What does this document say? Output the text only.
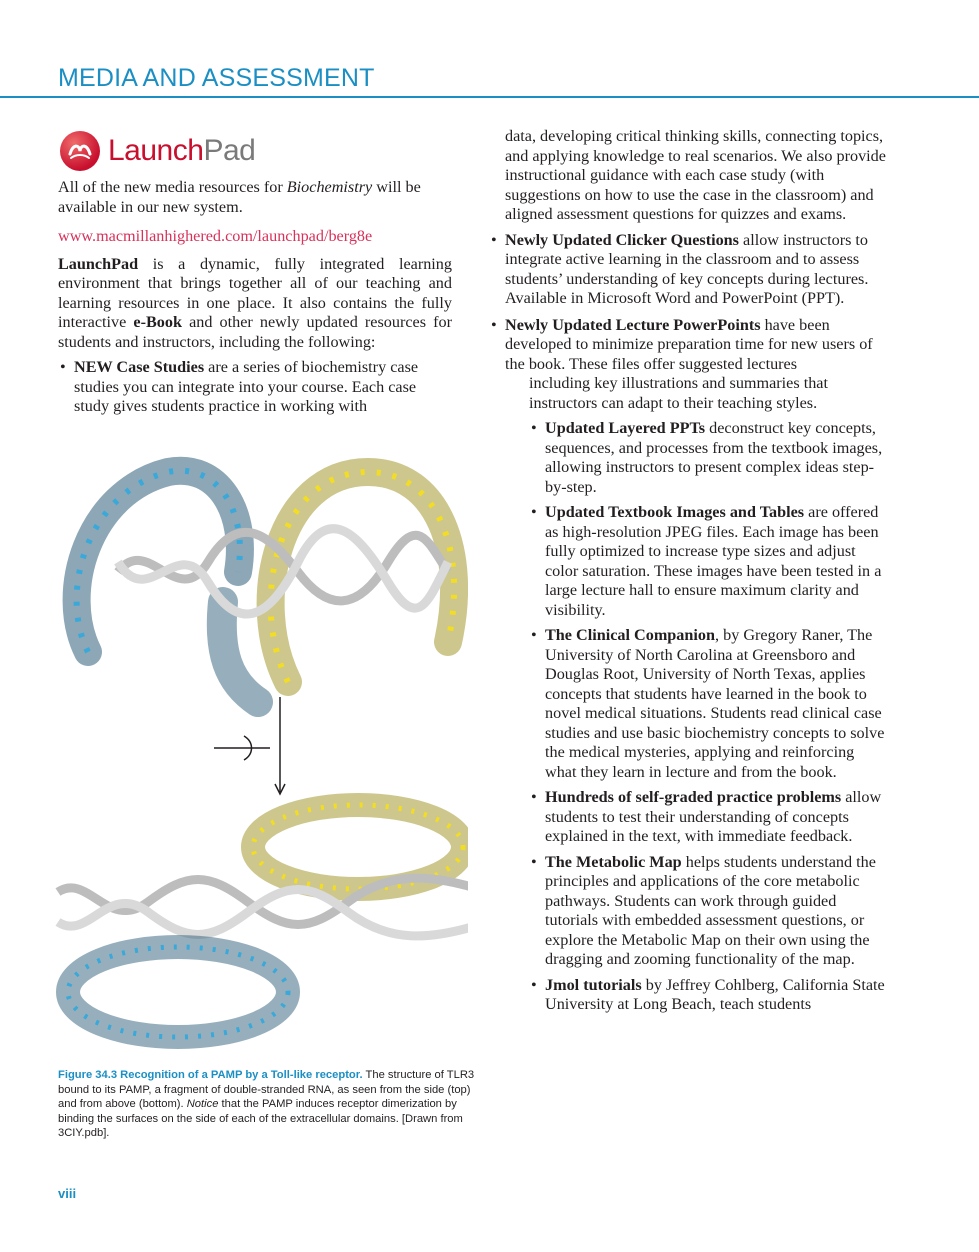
MEDIA AND ASSESSMENT
LaunchPad

All of the new media resources for Biochemistry will be available in our new system.

www.macmillanhighered.com/launchpad/berg8e

LaunchPad is a dynamic, fully integrated learning environment that brings together all of our teaching and learning resources in one place. It also contains the fully interactive e-Book and other newly updated resources for students and instructors, including the following:

• NEW Case Studies are a series of biochemistry case studies you can integrate into your course. Each case study gives students practice in working with
Figure 34.3 Recognition of a PAMP by a Toll-like receptor. The structure of TLR3 bound to its PAMP, a fragment of double-stranded RNA, as seen from the side (top) and from above (bottom). Notice that the PAMP induces receptor dimerization by binding the surfaces on the side of each of the extracellular domains. [Drawn from 3CIY.pdb].

data, developing critical thinking skills, connecting topics, and applying knowledge to real scenarios. We also provide instructional guidance with each case study (with suggestions on how to use the case in the classroom) and aligned assessment questions for quizzes and exams.

• Newly Updated Clicker Questions allow instructors to integrate active learning in the classroom and to assess students’ understanding of key concepts during lectures. Available in Microsoft Word and PowerPoint (PPT).
• Newly Updated Lecture PowerPoints have been developed to minimize preparation time for new users of the book. These files offer suggested lectures

including key illustrations and summaries that instructors can adapt to their teaching styles.

• Updated Layered PPTs deconstruct key concepts, sequences, and processes from the textbook images, allowing instructors to present complex ideas step-by-step.
• Updated Textbook Images and Tables are offered as high-resolution JPEG files. Each image has been fully optimized to increase type sizes and adjust color saturation. These images have been tested in a large lecture hall to ensure maximum clarity and visibility.
• The Clinical Companion, by Gregory Raner, The University of North Carolina at Greensboro and Douglas Root, University of North Texas, applies concepts that students have learned in the book to novel medical situations. Students read clinical case studies and use basic biochemistry concepts to solve the medical mysteries, applying and reinforcing what they learn in lecture and from the book.
• Hundreds of self-graded practice problems allow students to test their understanding of concepts explained in the text, with immediate feedback.
• The Metabolic Map helps students understand the principles and applications of the core metabolic pathways. Students can work through guided tutorials with embedded assessment questions, or explore the Metabolic Map on their own using the dragging and zooming functionality of the map.
• Jmol tutorials by Jeffrey Cohlberg, California State University at Long Beach, teach students
viii
